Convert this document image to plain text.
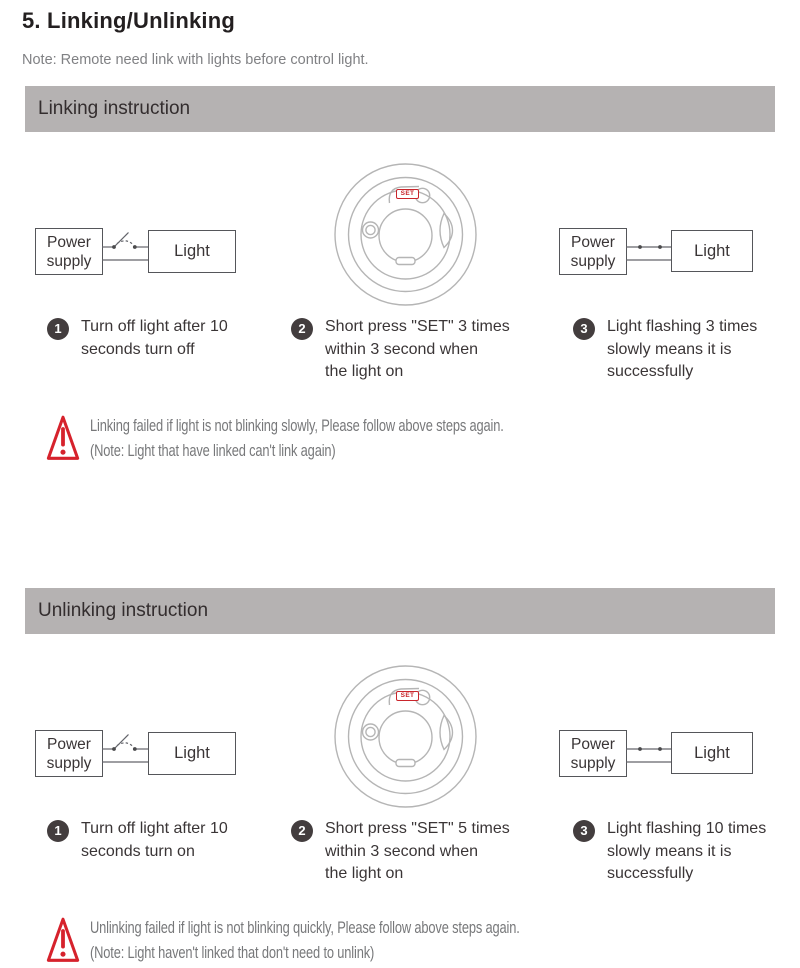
5. Linking/Unlinking
Note: Remote need link with lights before control light.
Linking instruction
Power
supply
Light
SET
Power
supply
Light
1	Turn off light after 10
seconds turn off
2	Short press "SET" 3 times
within 3 second when
the light on
3	Light flashing 3 times
slowly means it is
successfully
Linking failed if light is not blinking slowly, Please follow above steps again.
(Note: Light that have linked can't link again)
Unlinking instruction
Power
supply
Light
SET
Power
supply
Light
1	Turn off light after 10
seconds turn on
2	Short press "SET" 5 times
within 3 second when
the light on
3	Light flashing 10 times
slowly means it is
successfully
Unlinking failed if light is not blinking quickly, Please follow above steps again.
(Note: Light haven't linked that don't need to unlink)
